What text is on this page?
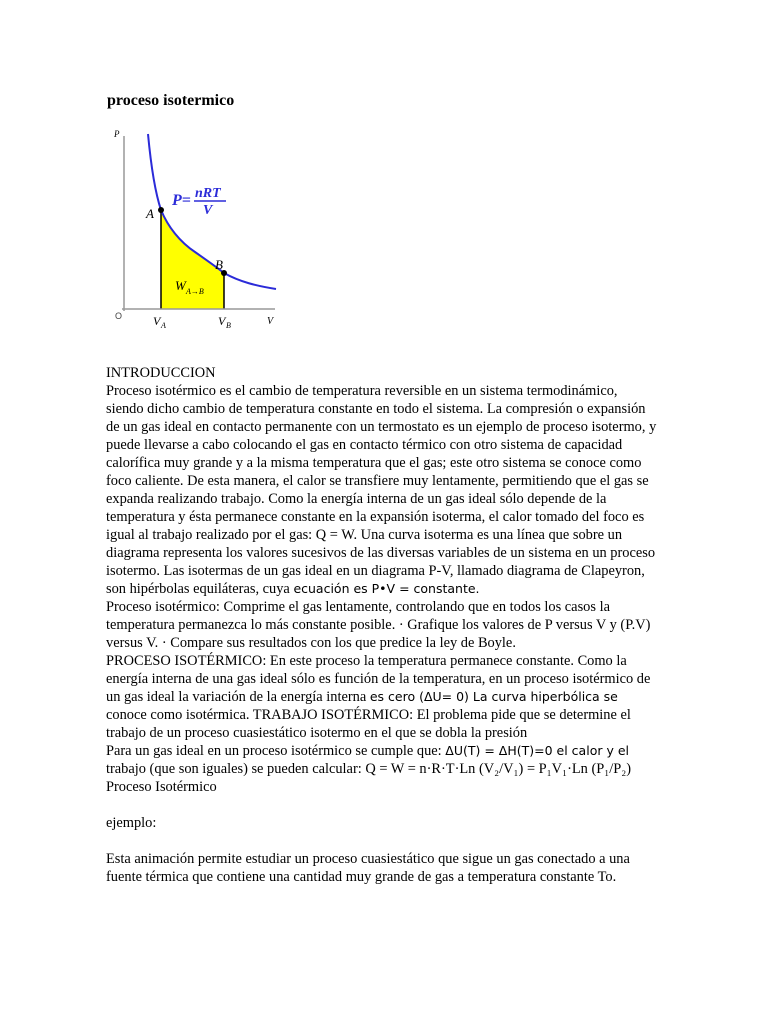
proceso isotermico
P
V
O
P= nRT
V
A
B
W A→B
V A	V B

INTRODUCCION

Proceso isotérmico es el cambio de temperatura reversible en un sistema termodinámico, siendo dicho cambio de temperatura constante en todo el sistema. La compresión o expansión de un gas ideal en contacto permanente con un termostato es un ejemplo de proceso isotermo, y puede llevarse a cabo colocando el gas en contacto térmico con otro sistema de capacidad calorífica muy grande y a la misma temperatura que el gas; este otro sistema se conoce como foco caliente. De esta manera, el calor se transfiere muy lentamente, permitiendo que el gas se expanda realizando trabajo. Como la energía interna de un gas ideal sólo depende de la temperatura y ésta permanece constante en la expansión isoterma, el calor tomado del foco es igual al trabajo realizado por el gas: Q = W. Una curva isoterma es una línea que sobre un diagrama representa los valores sucesivos de las diversas variables de un sistema en un proceso isotermo. Las isotermas de un gas ideal en un diagrama P-V, llamado diagrama de Clapeyron, son hipérbolas equiláteras, cuya ecuación es P•V = constante.

Proceso isotérmico: Comprime el gas lentamente, controlando que en todos los casos la temperatura permanezca lo más constante posible. · Grafique los valores de P versus V y (P.V) versus V. · Compare sus resultados con los que predice la ley de Boyle.

PROCESO ISOTÉRMICO: En este proceso la temperatura permanece constante. Como la energía interna de una gas ideal sólo es función de la temperatura, en un proceso isotérmico de un gas ideal la variación de la energía interna es cero (ΔU= 0) La curva hiperbólica se conoce como isotérmica. TRABAJO ISOTÉRMICO: El problema pide que se determine el trabajo de un proceso cuasiestático isotermo en el que se dobla la presión

Para un gas ideal en un proceso isotérmico se cumple que: ΔU(T) = ΔH(T)=0 el calor y el trabajo (que son iguales) se pueden calcular: Q = W = n·R·T·Ln (V₂/V₁) = P₁V₁·Ln (P₁/P₂)

Proceso Isotérmico

ejemplo:

Esta animación permite estudiar un proceso cuasiestático que sigue un gas conectado a una fuente térmica que contiene una cantidad muy grande de gas a temperatura constante To.
